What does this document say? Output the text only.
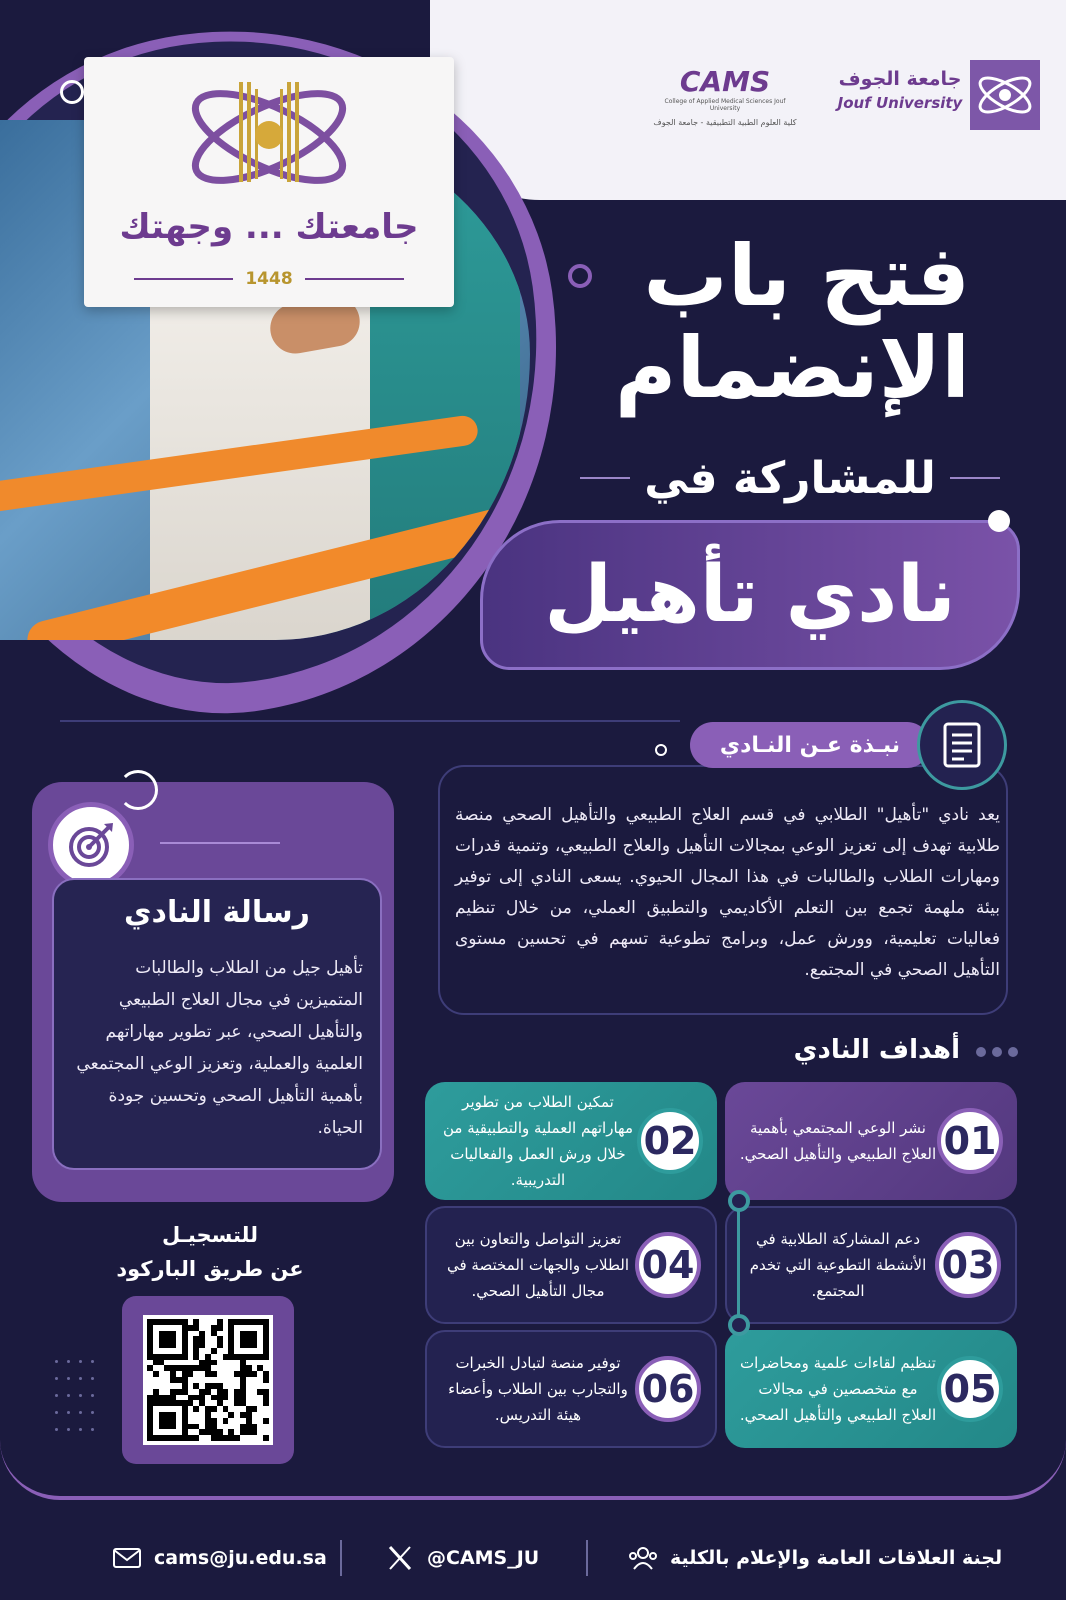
جامعتك ... وجهتك
1448
CAMS
College of Applied Medical Sciences Jouf University
كلية العلوم الطبية التطبيقية - جامعة الجوف
جامعة الجوف
Jouf University
فتح باب
الإنضمام
للمشاركة في
نادي تأهيل
نبـذة عـن النـادي
يعد نادي "تأهيل" الطلابي في قسم العلاج الطبيعي والتأهيل الصحي منصة طلابية تهدف إلى تعزيز الوعي بمجالات التأهيل والعلاج الطبيعي، وتنمية قدرات ومهارات الطلاب والطالبات في هذا المجال الحيوي. يسعى النادي إلى توفير بيئة ملهمة تجمع بين التعلم الأكاديمي والتطبيق العملي، من خلال تنظيم فعاليات تعليمية، وورش عمل، وبرامج تطوعية تسهم في تحسين مستوى التأهيل الصحي في المجتمع.
أهداف النادي
01
نشر الوعي المجتمعي بأهمية العلاج الطبيعي والتأهيل الصحي.
02
تمكين الطلاب من تطوير مهاراتهم العملية والتطبيقية من خلال ورش العمل والفعاليات التدريبية.
03
دعم المشاركة الطلابية في الأنشطة التطوعية التي تخدم المجتمع.
04
تعزيز التواصل والتعاون بين الطلاب والجهات المختصة في مجال التأهيل الصحي.
05
تنظيم لقاءات علمية ومحاضرات مع متخصصين في مجالات العلاج الطبيعي والتأهيل الصحي.
06
توفير منصة لتبادل الخبرات والتجارب بين الطلاب وأعضاء هيئة التدريس.
رسالة النادي
تأهيل جيل من الطلاب والطالبات المتميزين في مجال العلاج الطبيعي والتأهيل الصحي، عبر تطوير مهاراتهم العلمية والعملية، وتعزيز الوعي المجتمعي بأهمية التأهيل الصحي وتحسين جودة الحياة.
للتسجيـل
عن طريق الباركود
cams@ju.edu.sa	@CAMS_JU	لجنة العلاقات العامة والإعلام بالكلية
